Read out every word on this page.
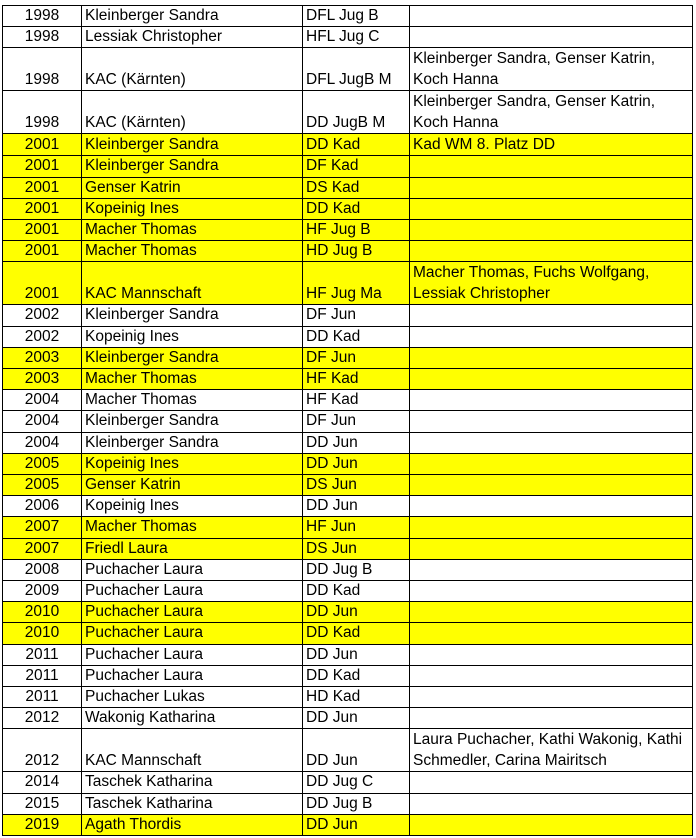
1998	Kleinberger Sandra	DFL Jug B	
1998	Lessiak Christopher	HFL Jug C	
1998	KAC (Kärnten)	DFL JugB M	Kleinberger Sandra, Genser Katrin, Koch Hanna
1998	KAC (Kärnten)	DD JugB M	Kleinberger Sandra, Genser Katrin, Koch Hanna
2001	Kleinberger Sandra	DD Kad	Kad WM 8. Platz DD
2001	Kleinberger Sandra	DF Kad	
2001	Genser Katrin	DS Kad	
2001	Kopeinig Ines	DD Kad	
2001	Macher Thomas	HF Jug B	
2001	Macher Thomas	HD Jug B	
2001	KAC Mannschaft	HF Jug Ma	Macher Thomas, Fuchs Wolfgang, Lessiak Christopher
2002	Kleinberger Sandra	DF Jun	
2002	Kopeinig Ines	DD Kad	
2003	Kleinberger Sandra	DF Jun	
2003	Macher Thomas	HF Kad	
2004	Macher Thomas	HF Kad	
2004	Kleinberger Sandra	DF Jun	
2004	Kleinberger Sandra	DD Jun	
2005	Kopeinig Ines	DD Jun	
2005	Genser Katrin	DS Jun	
2006	Kopeinig Ines	DD Jun	
2007	Macher Thomas	HF Jun	
2007	Friedl Laura	DS Jun	
2008	Puchacher Laura	DD Jug B	
2009	Puchacher Laura	DD Kad	
2010	Puchacher Laura	DD Jun	
2010	Puchacher Laura	DD Kad	
2011	Puchacher Laura	DD Jun	
2011	Puchacher Laura	DD Kad	
2011	Puchacher Lukas	HD Kad	
2012	Wakonig Katharina	DD Jun	
2012	KAC Mannschaft	DD Jun	Laura Puchacher, Kathi Wakonig, Kathi Schmedler, Carina Mairitsch
2014	Taschek Katharina	DD Jug C	
2015	Taschek Katharina	DD Jug B	
2019	Agath Thordis	DD Jun	
